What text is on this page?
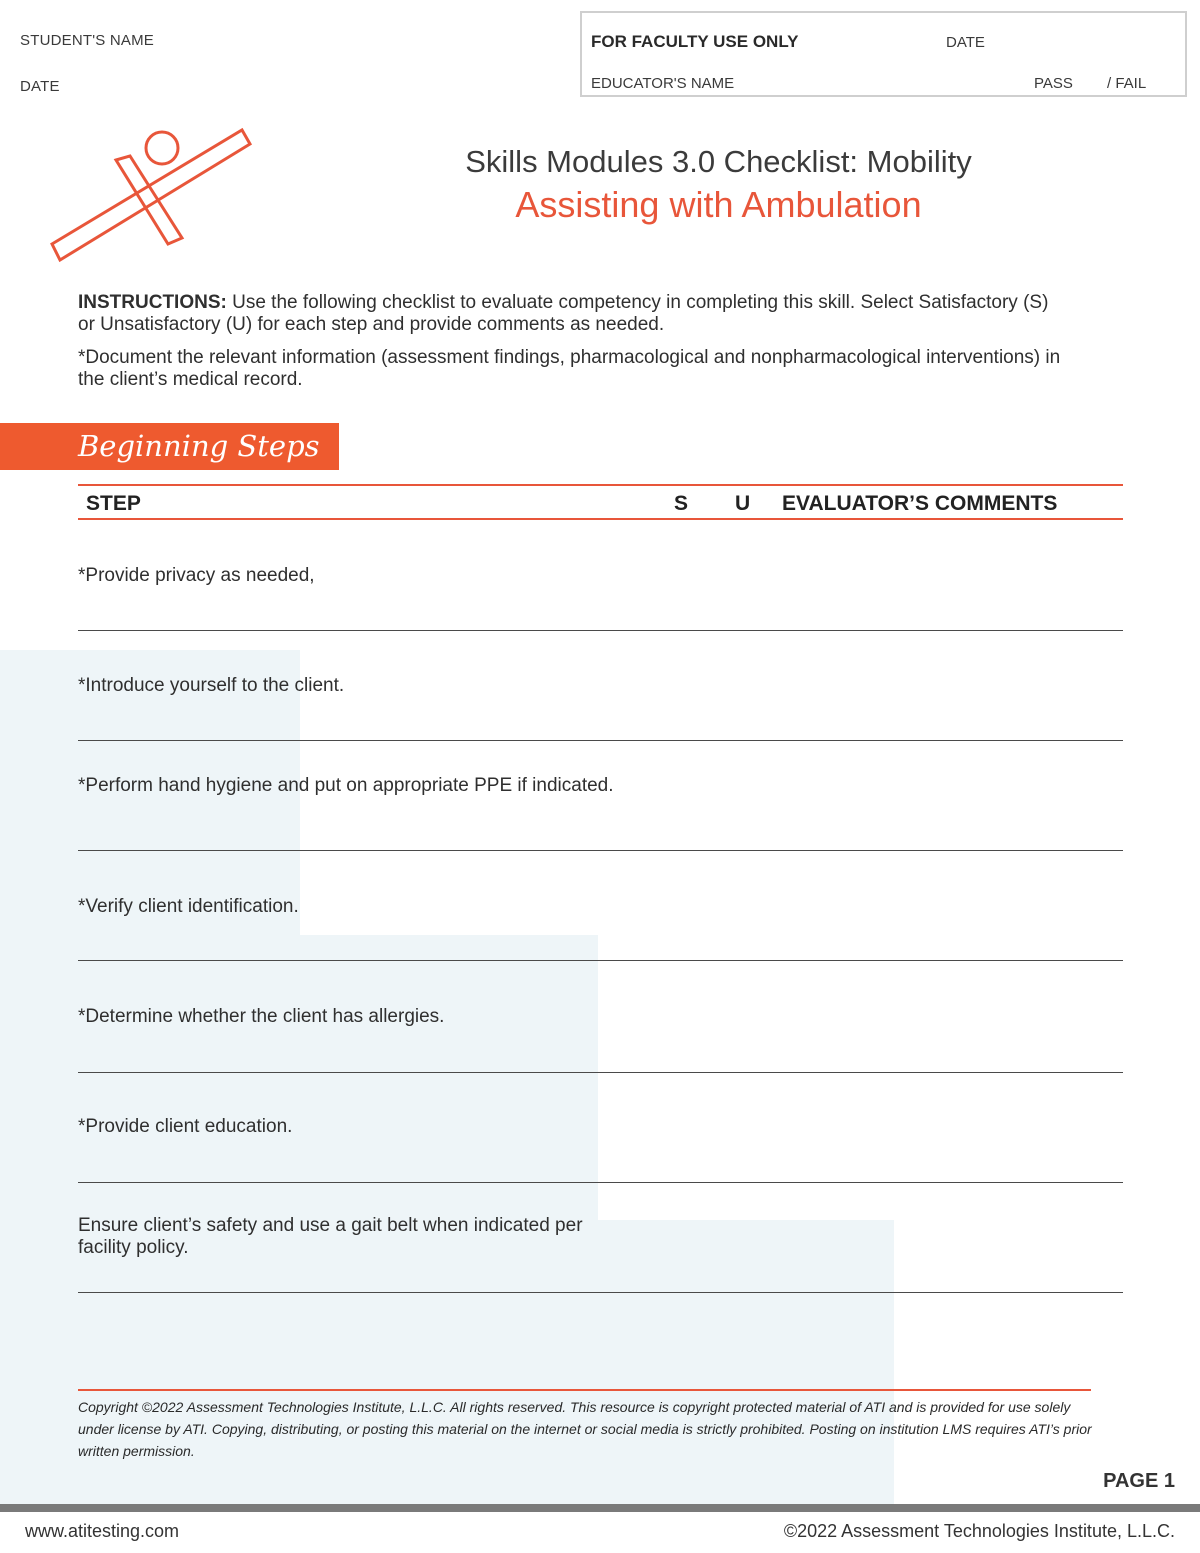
STUDENT'S NAME
DATE
FOR FACULTY USE ONLY	DATE
EDUCATOR'S NAME	PASS / FAIL
Skills Modules 3.0 Checklist: Mobility
Assisting with Ambulation
INSTRUCTIONS: Use the following checklist to evaluate competency in completing this skill. Select Satisfactory (S) or Unsatisfactory (U) for each step and provide comments as needed.
*Document the relevant information (assessment findings, pharmacological and nonpharmacological interventions) in the client’s medical record.
Beginning Steps
STEP	S U EVALUATOR’S COMMENTS
*Provide privacy as needed,
*Introduce yourself to the client.
*Perform hand hygiene and put on appropriate PPE if indicated.
*Verify client identification.
*Determine whether the client has allergies.
*Provide client education.
Ensure client’s safety and use a gait belt when indicated per facility policy.
Copyright ©2022 Assessment Technologies Institute, L.L.C. All rights reserved. This resource is copyright protected material of ATI and is provided for use solely under license by ATI. Copying, distributing, or posting this material on the internet or social media is strictly prohibited. Posting on institution LMS requires ATI’s prior written permission.
PAGE 1
www.atitesting.com	©2022 Assessment Technologies Institute, L.L.C.
